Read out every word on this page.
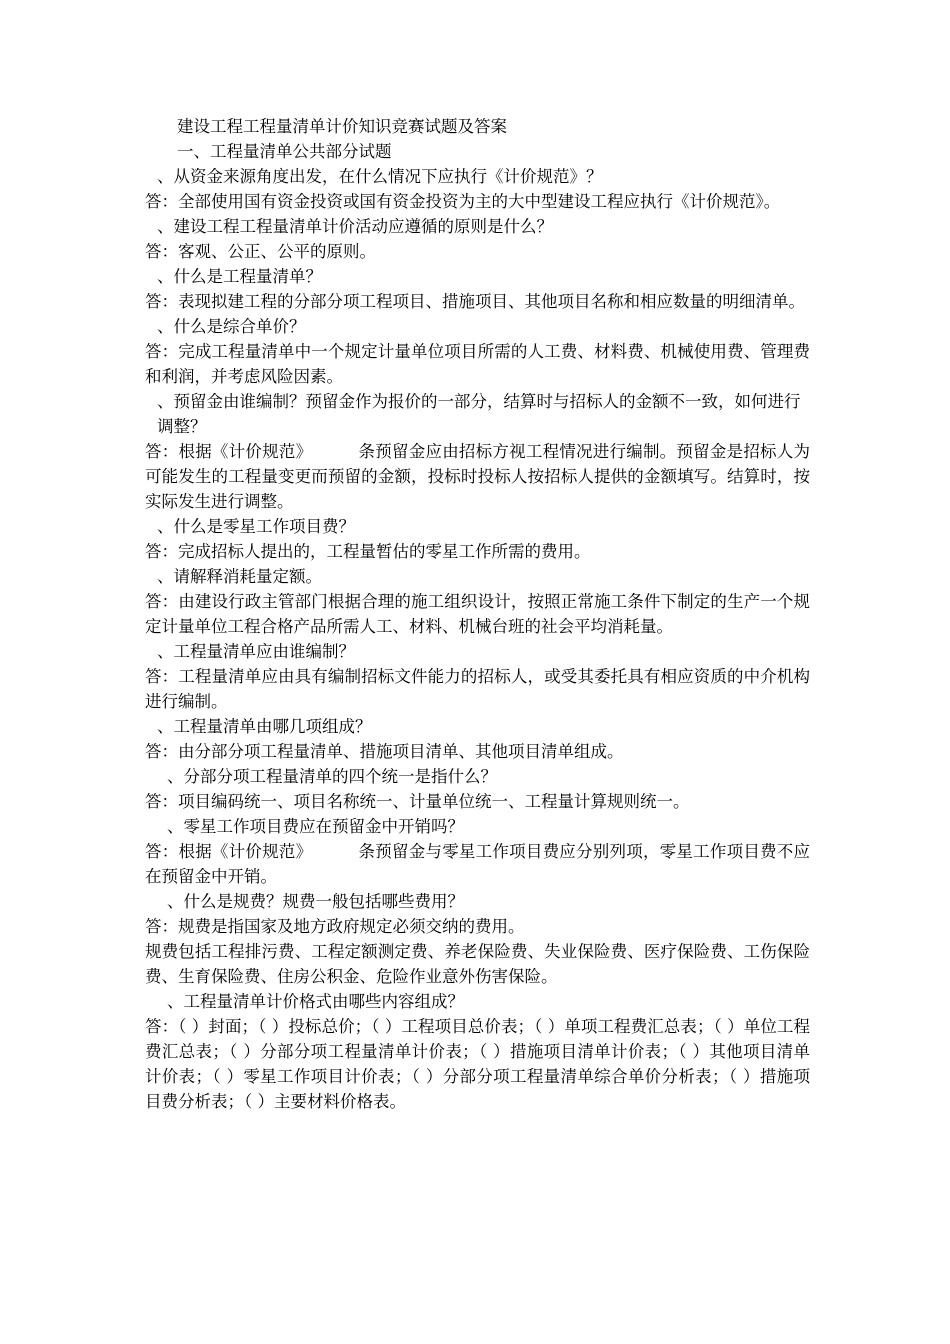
建设工程工程量清单计价知识竞赛试题及答案

一、工程量清单公共部分试题

、从资金来源角度出发，在什么情况下应执行《计价规范》？

答：全部使用国有资金投资或国有资金投资为主的大中型建设工程应执行《计价规范》。

、建设工程工程量清单计价活动应遵循的原则是什么？

答：客观、公正、公平的原则。

、什么是工程量清单？

答：表现拟建工程的分部分项工程项目、措施项目、其他项目名称和相应数量的明细清单。

、什么是综合单价？

答：完成工程量清单中一个规定计量单位项目所需的人工费、材料费、机械使用费、管理费和利润，并考虑风险因素。

、预留金由谁编制？预留金作为报价的一部分，结算时与招标人的金额不一致，如何进行调整？

答：根据《计价规范》	条预留金应由招标方视工程情况进行编制。预留金是招标人为可能发生的工程量变更而预留的金额，投标时投标人按招标人提供的金额填写。结算时，按实际发生进行调整。

、什么是零星工作项目费？

答：完成招标人提出的，工程量暂估的零星工作所需的费用。

、请解释消耗量定额。

答：由建设行政主管部门根据合理的施工组织设计，按照正常施工条件下制定的生产一个规定计量单位工程合格产品所需人工、材料、机械台班的社会平均消耗量。

、工程量清单应由谁编制？

答：工程量清单应由具有编制招标文件能力的招标人，或受其委托具有相应资质的中介机构进行编制。

、工程量清单由哪几项组成？

答：由分部分项工程量清单、措施项目清单、其他项目清单组成。

、分部分项工程量清单的四个统一是指什么？

答：项目编码统一、项目名称统一、计量单位统一、工程量计算规则统一。

、零星工作项目费应在预留金中开销吗？

答：根据《计价规范》	条预留金与零星工作项目费应分别列项，零星工作项目费不应在预留金中开销。

、什么是规费？规费一般包括哪些费用？

答：规费是指国家及地方政府规定必须交纳的费用。

规费包括工程排污费、工程定额测定费、养老保险费、失业保险费、医疗保险费、工伤保险费、生育保险费、住房公积金、危险作业意外伤害保险。

、工程量清单计价格式由哪些内容组成？

答：（ ）封面；（ ）投标总价；（ ）工程项目总价表；（ ）单项工程费汇总表；（ ）单位工程费汇总表；（ ）分部分项工程量清单计价表；（ ）措施项目清单计价表；（ ）其他项目清单计价表；（ ）零星工作项目计价表；（ ）分部分项工程量清单综合单价分析表；（ ）措施项目费分析表；（ ）主要材料价格表。
